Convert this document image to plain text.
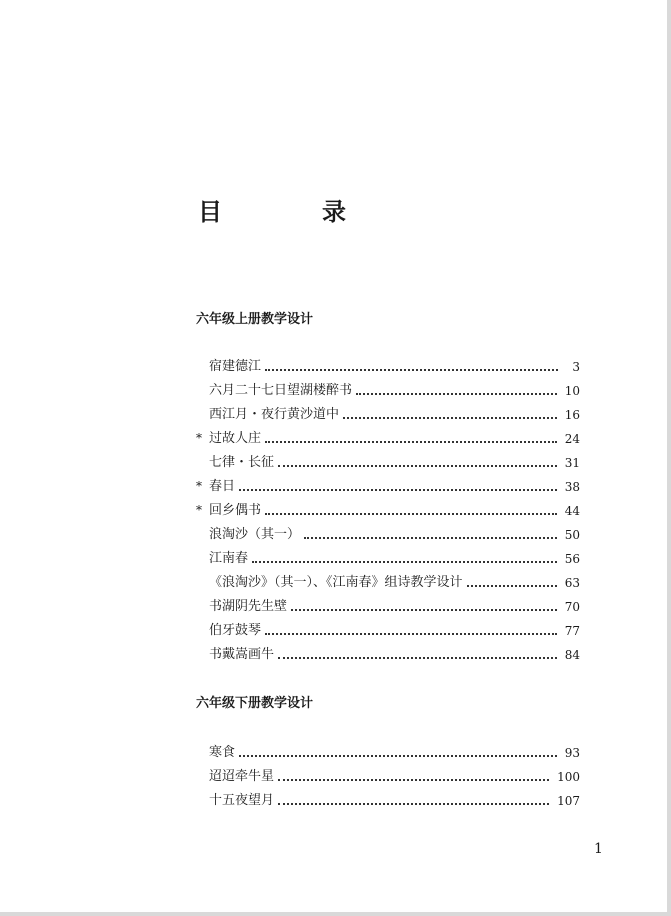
目　录
六年级上册教学设计
宿建德江	3
六月二十七日望湖楼醉书	10
西江月・夜行黄沙道中	16
* 过故人庄	24
七律・长征	31
* 春日	38
* 回乡偶书	44
浪淘沙（其一）	50
江南春	56
《浪淘沙》（其一）、《江南春》组诗教学设计	63
书湖阴先生壁	70
伯牙鼓琴	77
书戴嵩画牛	84
六年级下册教学设计
寒食	93
迢迢牵牛星	100
十五夜望月	107
1
